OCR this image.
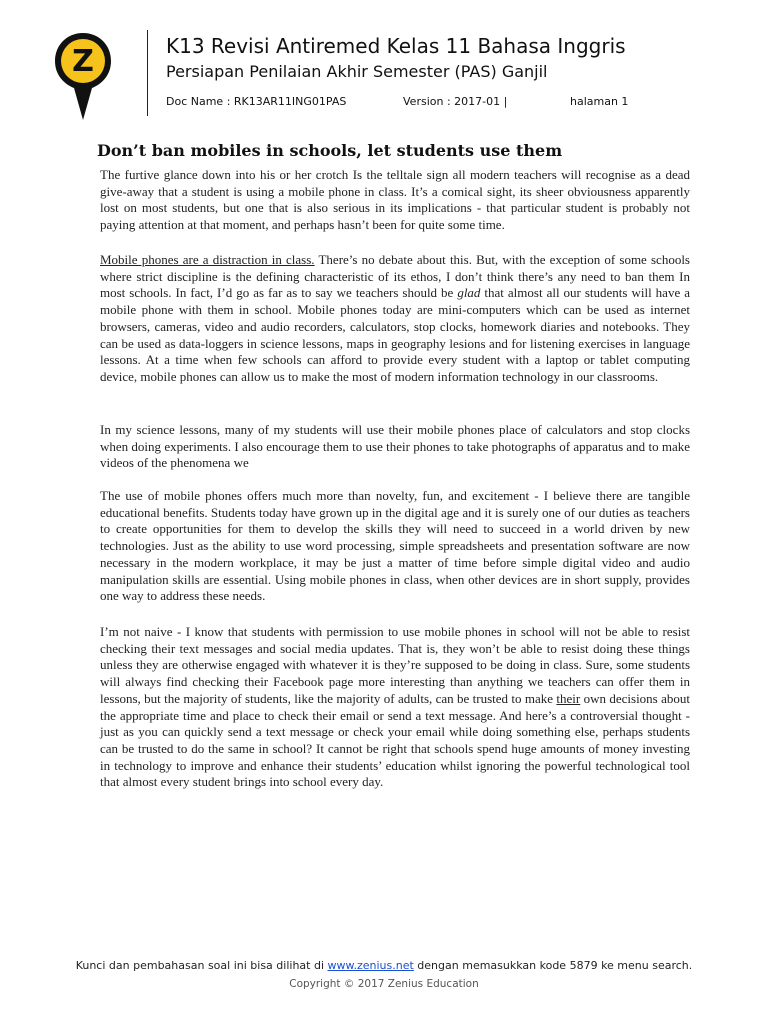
Z	K13 Revisi Antiremed Kelas 11 Bahasa Inggris
Persiapan Penilaian Akhir Semester (PAS) Ganjil
Doc Name : RK13AR11ING01PAS	Version : 2017-01 |	halaman 1
Don’t ban mobiles in schools, let students use them

The furtive glance down into his or her crotch Is the telltale sign all modern teachers will recognise as a dead give-away that a student is using a mobile phone in class. It’s a comical sight, its sheer obviousness apparently lost on most students, but one that is also serious in its implications - that particular student is probably not paying attention at that moment, and perhaps hasn’t been for quite some time.

Mobile phones are a distraction in class. There’s no debate about this. But, with the exception of some schools where strict discipline is the defining characteristic of its ethos, I don’t think there’s any need to ban them In most schools. In fact, I’d go as far as to say we teachers should be glad that almost all our students will have a mobile phone with them in school. Mobile phones today are mini-computers which can be used as internet browsers, cameras, video and audio recorders, calculators, stop clocks, homework diaries and notebooks. They can be used as data-loggers in science lessons, maps in geography lesions and for listening exercises in language lessons. At a time when few schools can afford to provide every student with a laptop or tablet computing device, mobile phones can allow us to make the most of modern information technology in our classrooms.

In my science lessons, many of my students will use their mobile phones place of calculators and stop clocks when doing experiments. I also encourage them to use their phones to take photographs of apparatus and to make videos of the phenomena we

The use of mobile phones offers much more than novelty, fun, and excitement - I believe there are tangible educational benefits. Students today have grown up in the digital age and it is surely one of our duties as teachers to create opportunities for them to develop the skills they will need to succeed in a world driven by new technologies. Just as the ability to use word processing, simple spreadsheets and presentation software are now necessary in the modern workplace, it may be just a matter of time before simple digital video and audio manipulation skills are essential. Using mobile phones in class, when other devices are in short supply, provides one way to address these needs.

I’m not naive - I know that students with permission to use mobile phones in school will not be able to resist checking their text messages and social media updates. That is, they won’t be able to resist doing these things unless they are otherwise engaged with whatever it is they’re supposed to be doing in class. Sure, some students will always find checking their Facebook page more interesting than anything we teachers can offer them in lessons, but the majority of students, like the majority of adults, can be trusted to make their own decisions about the appropriate time and place to check their email or send a text message. And here’s a controversial thought - just as you can quickly send a text message or check your email while doing something else, perhaps students can be trusted to do the same in school? It cannot be right that schools spend huge amounts of money investing in technology to improve and enhance their students’ education whilst ignoring the powerful technological tool that almost every student brings into school every day.

Kunci dan pembahasan soal ini bisa dilihat di www.zenius.net dengan memasukkan kode 5879 ke menu search.
Copyright © 2017 Zenius Education
